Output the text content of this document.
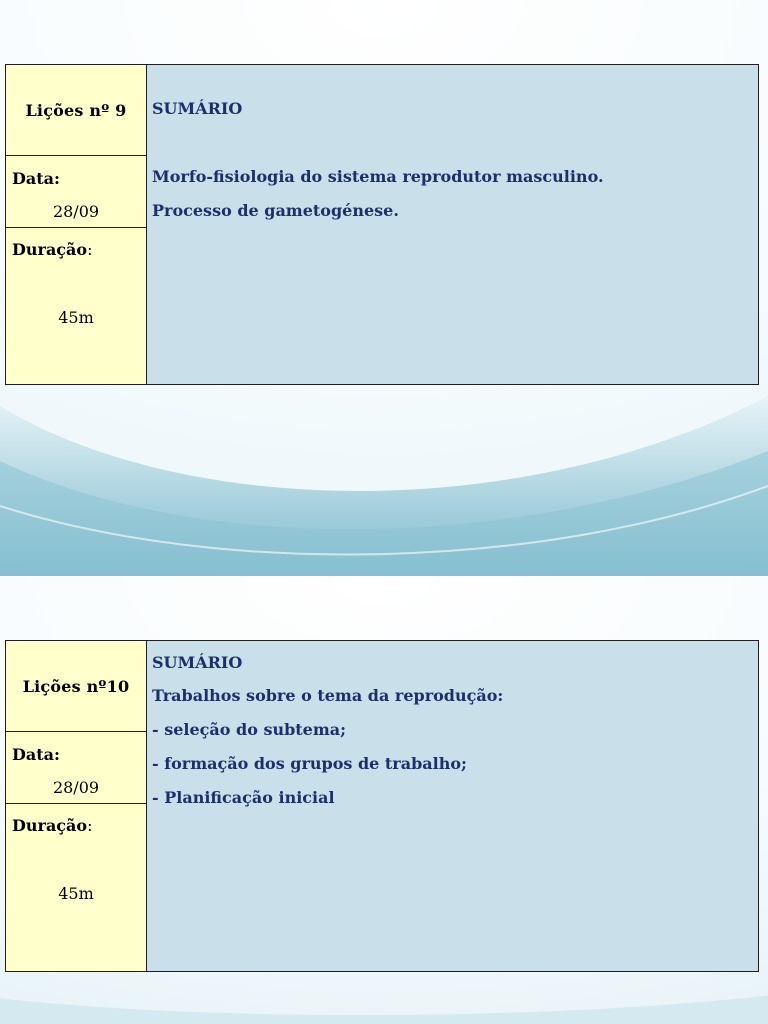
Lições nº 9
Data:
28/09
Duração:
45m
SUMÁRIO
Morfo-fisiologia do sistema reprodutor masculino.
Processo de gametogénese.
Lições nº10
Data:
28/09
Duração:
45m
SUMÁRIO
Trabalhos sobre o tema da reprodução:
- seleção do subtema;
- formação dos grupos de trabalho;
- Planificação inicial
